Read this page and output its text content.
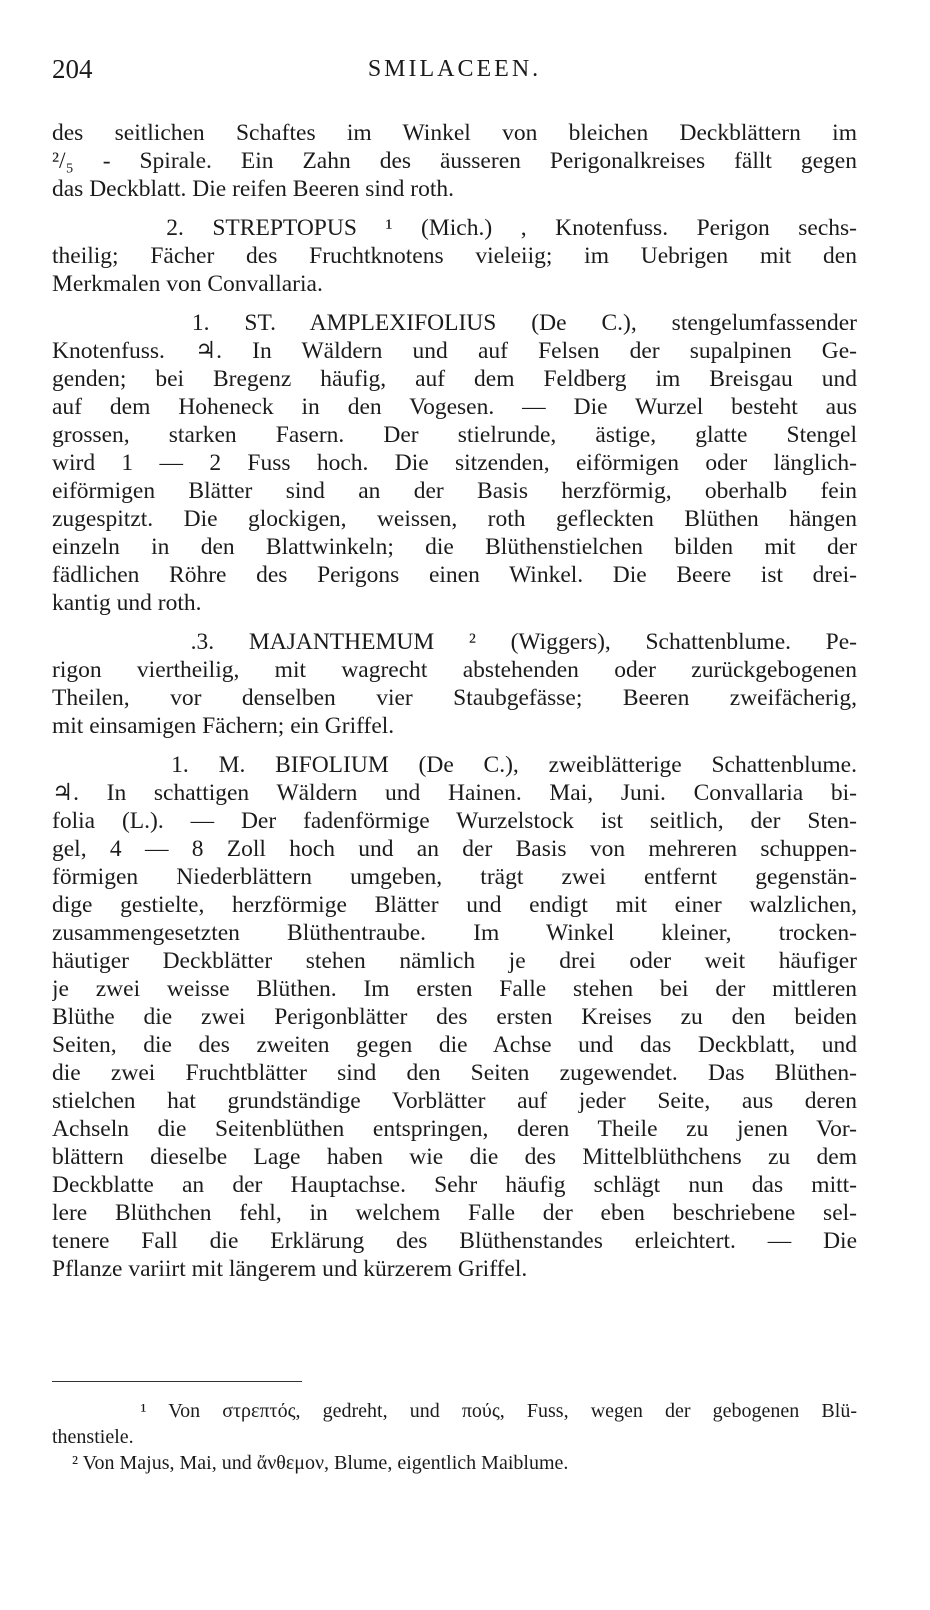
204	SMILACEEN.
des seitlichen Schaftes im Winkel von bleichen Deckblättern im
²/₅ - Spirale. Ein Zahn des äusseren Perigonalkreises fällt gegen
das Deckblatt. Die reifen Beeren sind roth.
2. STREPTOPUS ¹ (Mich.) , Knotenfuss. Perigon sechs-
theilig; Fächer des Fruchtknotens vieleiig; im Uebrigen mit den
Merkmalen von Convallaria.
1. ST. AMPLEXIFOLIUS (De C.), stengelumfassender
Knotenfuss. ♃. In Wäldern und auf Felsen der supalpinen Ge-
genden; bei Bregenz häufig, auf dem Feldberg im Breisgau und
auf dem Hoheneck in den Vogesen. — Die Wurzel besteht aus
grossen, starken Fasern. Der stielrunde, ästige, glatte Stengel
wird 1 — 2 Fuss hoch. Die sitzenden, eiförmigen oder länglich-
eiförmigen Blätter sind an der Basis herzförmig, oberhalb fein
zugespitzt. Die glockigen, weissen, roth gefleckten Blüthen hängen
einzeln in den Blattwinkeln; die Blüthenstielchen bilden mit der
fädlichen Röhre des Perigons einen Winkel. Die Beere ist drei-
kantig und roth.
.3. MAJANTHEMUM ² (Wiggers), Schattenblume. Pe-
rigon viertheilig, mit wagrecht abstehenden oder zurückgebogenen
Theilen, vor denselben vier Staubgefässe; Beeren zweifächerig,
mit einsamigen Fächern; ein Griffel.
1. M. BIFOLIUM (De C.), zweiblätterige Schattenblume.
♃. In schattigen Wäldern und Hainen. Mai, Juni. Convallaria bi-
folia (L.). — Der fadenförmige Wurzelstock ist seitlich, der Sten-
gel, 4 — 8 Zoll hoch und an der Basis von mehreren schuppen-
förmigen Niederblättern umgeben, trägt zwei entfernt gegenstän-
dige gestielte, herzförmige Blätter und endigt mit einer walzlichen,
zusammengesetzten Blüthentraube. Im Winkel kleiner, trocken-
häutiger Deckblätter stehen nämlich je drei oder weit häufiger
je zwei weisse Blüthen. Im ersten Falle stehen bei der mittleren
Blüthe die zwei Perigonblätter des ersten Kreises zu den beiden
Seiten, die des zweiten gegen die Achse und das Deckblatt, und
die zwei Fruchtblätter sind den Seiten zugewendet. Das Blüthen-
stielchen hat grundständige Vorblätter auf jeder Seite, aus deren
Achseln die Seitenblüthen entspringen, deren Theile zu jenen Vor-
blättern dieselbe Lage haben wie die des Mittelblüthchens zu dem
Deckblatte an der Hauptachse. Sehr häufig schlägt nun das mitt-
lere Blüthchen fehl, in welchem Falle der eben beschriebene sel-
tenere Fall die Erklärung des Blüthenstandes erleichtert. — Die
Pflanze variirt mit längerem und kürzerem Griffel.
¹ Von στρεπτός, gedreht, und πούς, Fuss, wegen der gebogenen Blü-
thenstiele.
² Von Majus, Mai, und ἄνθεμον, Blume, eigentlich Maiblume.
